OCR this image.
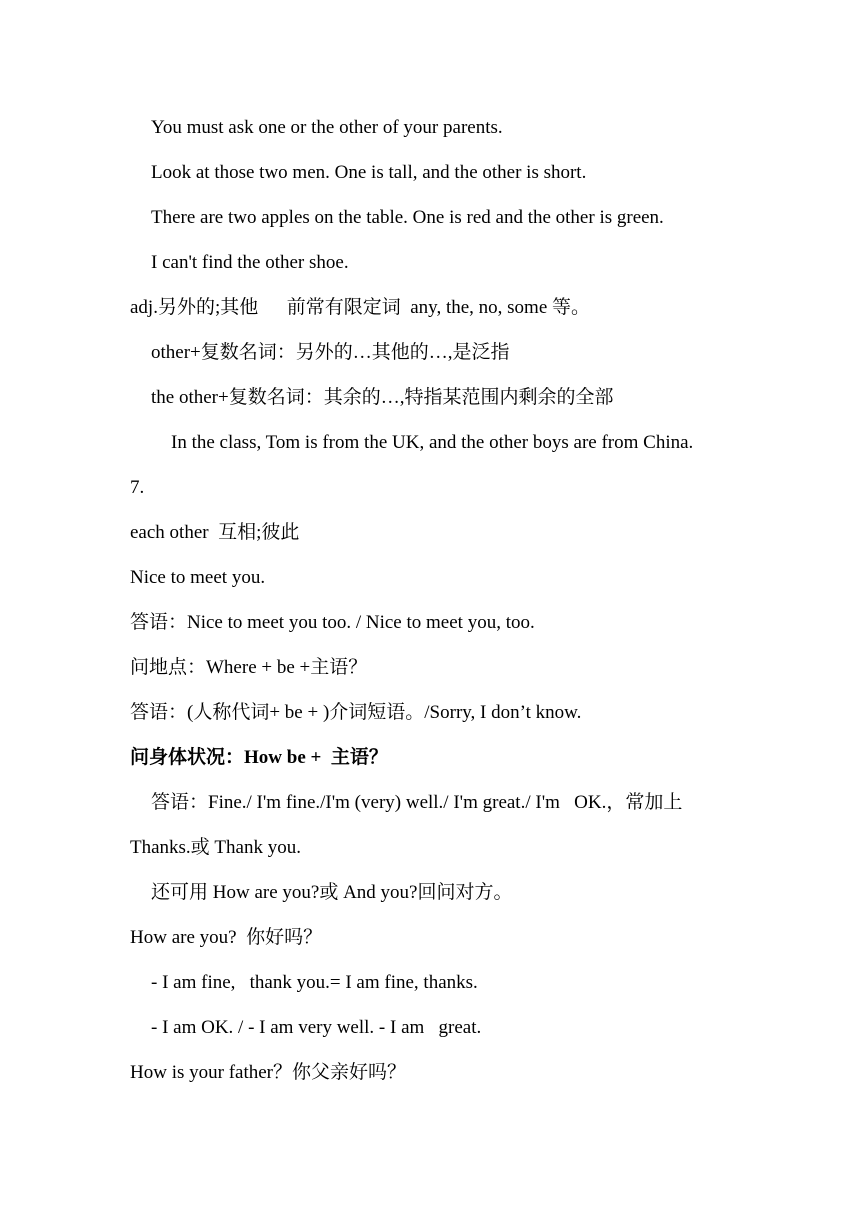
You must ask one or the other of your parents.
Look at those two men. One is tall, and the other is short.
There are two apples on the table. One is red and the other is green.
I can't find the other shoe.
adj.另外的;其他      前常有限定词  any, the, no, some 等。
other+复数名词：另外的…其他的…,是泛指
the other+复数名词：其余的…,特指某范围内剩余的全部
In the class, Tom is from the UK, and the other boys are from China.
7.
each other  互相;彼此
Nice to meet you.
答语：Nice to meet you too. / Nice to meet you, too.
问地点：Where + be +主语？
答语：(人称代词+ be + )介词短语。/Sorry, I don’t know.
问身体状况：How be +  主语？
答语：Fine./ I'm fine./I'm (very) well./ I'm great./ I'm   OK.，常加上
Thanks.或 Thank you.
还可用 How are you?或 And you?回问对方。
How are you?  你好吗？
- I am fine,   thank you.= I am fine, thanks.
- I am OK. / - I am very well. - I am   great.
How is your father？你父亲好吗？
